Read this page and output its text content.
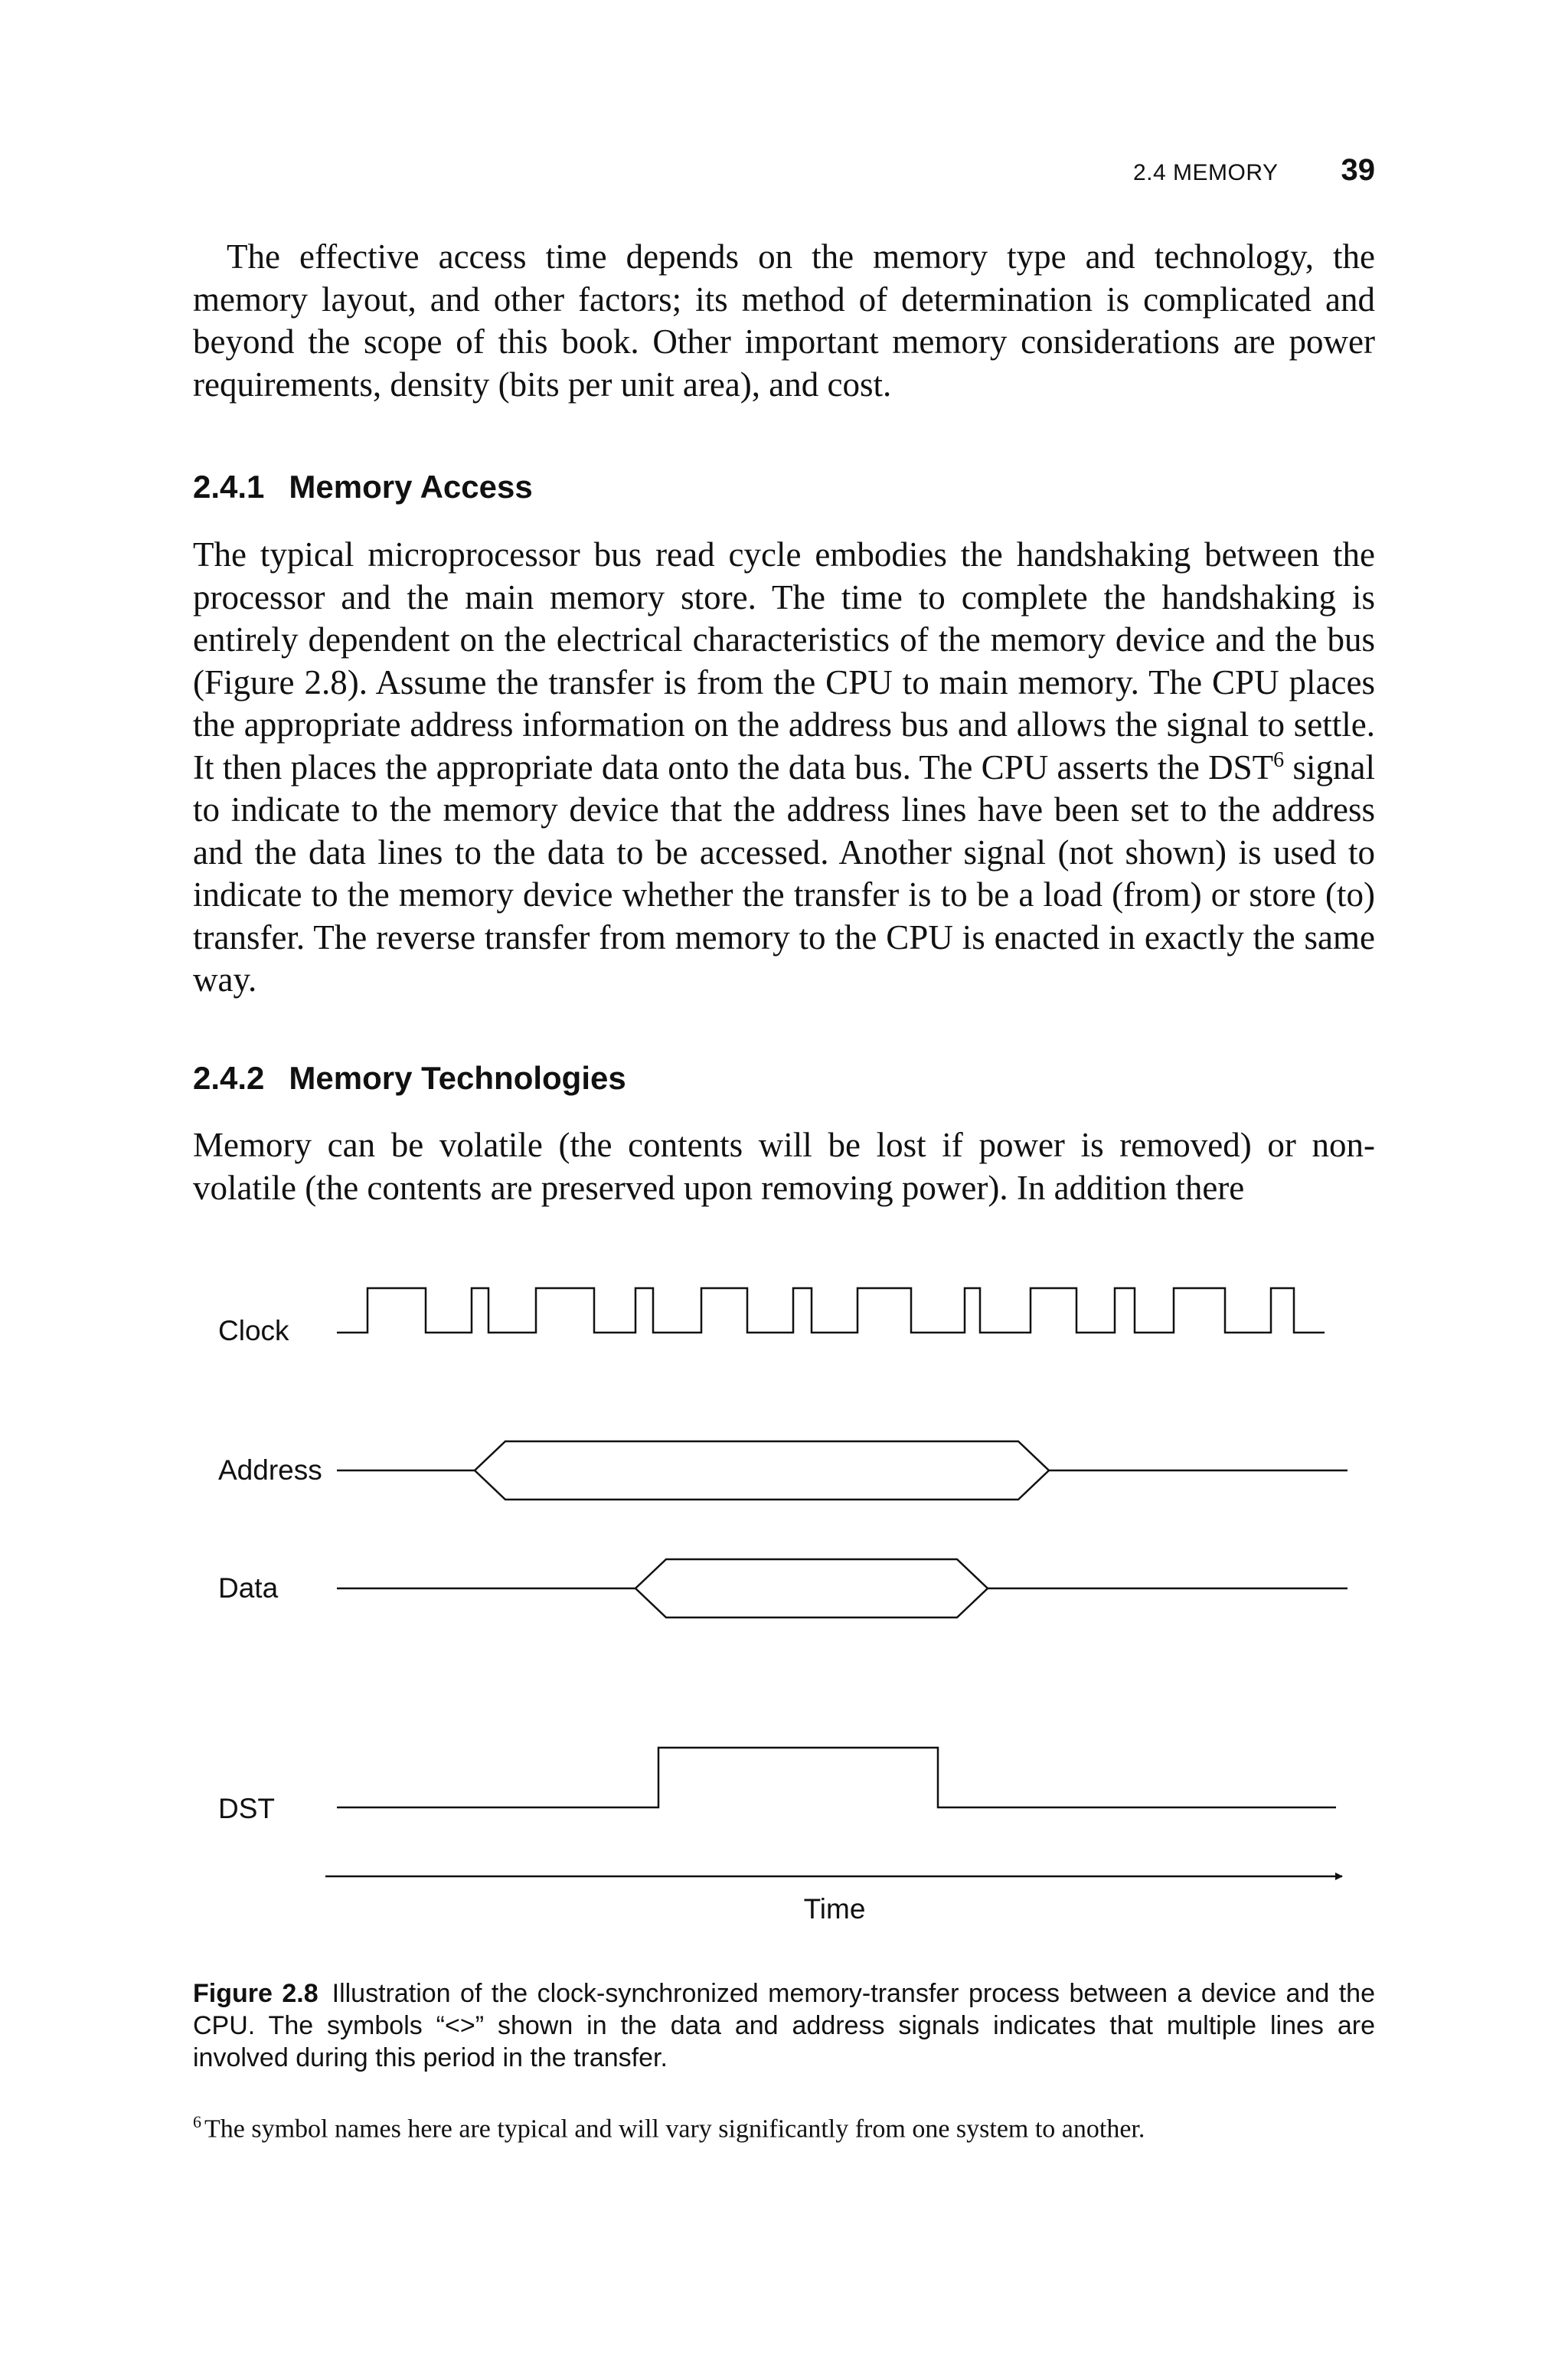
2.4 MEMORY 39

The effective access time depends on the memory type and technology, the memory layout, and other factors; its method of determination is complicated and beyond the scope of this book. Other important memory considerations are power requirements, density (bits per unit area), and cost.

2.4.1 Memory Access

The typical microprocessor bus read cycle embodies the handshaking between the processor and the main memory store. The time to complete the handshaking is entirely dependent on the electrical characteristics of the memory device and the bus (Figure 2.8). Assume the transfer is from the CPU to main memory. The CPU places the appropriate address information on the address bus and allows the signal to settle. It then places the appropriate data onto the data bus. The CPU asserts the DST$^6$ signal to indicate to the memory device that the address lines have been set to the address and the data lines to the data to be accessed. Another signal (not shown) is used to indicate to the memory device whether the transfer is to be a load (from) or store (to) transfer. The reverse transfer from memory to the CPU is enacted in exactly the same way.

2.4.2 Memory Technologies

Memory can be volatile (the contents will be lost if power is removed) or non-volatile (the contents are preserved upon removing power). In addition there

Clock
Address
Data
DST
Time

Figure 2.8 Illustration of the clock-synchronized memory-transfer process between a device and the CPU. The symbols “<>” shown in the data and address signals indicates that multiple lines are involved during this period in the transfer.

$^6$ The symbol names here are typical and will vary significantly from one system to another.
